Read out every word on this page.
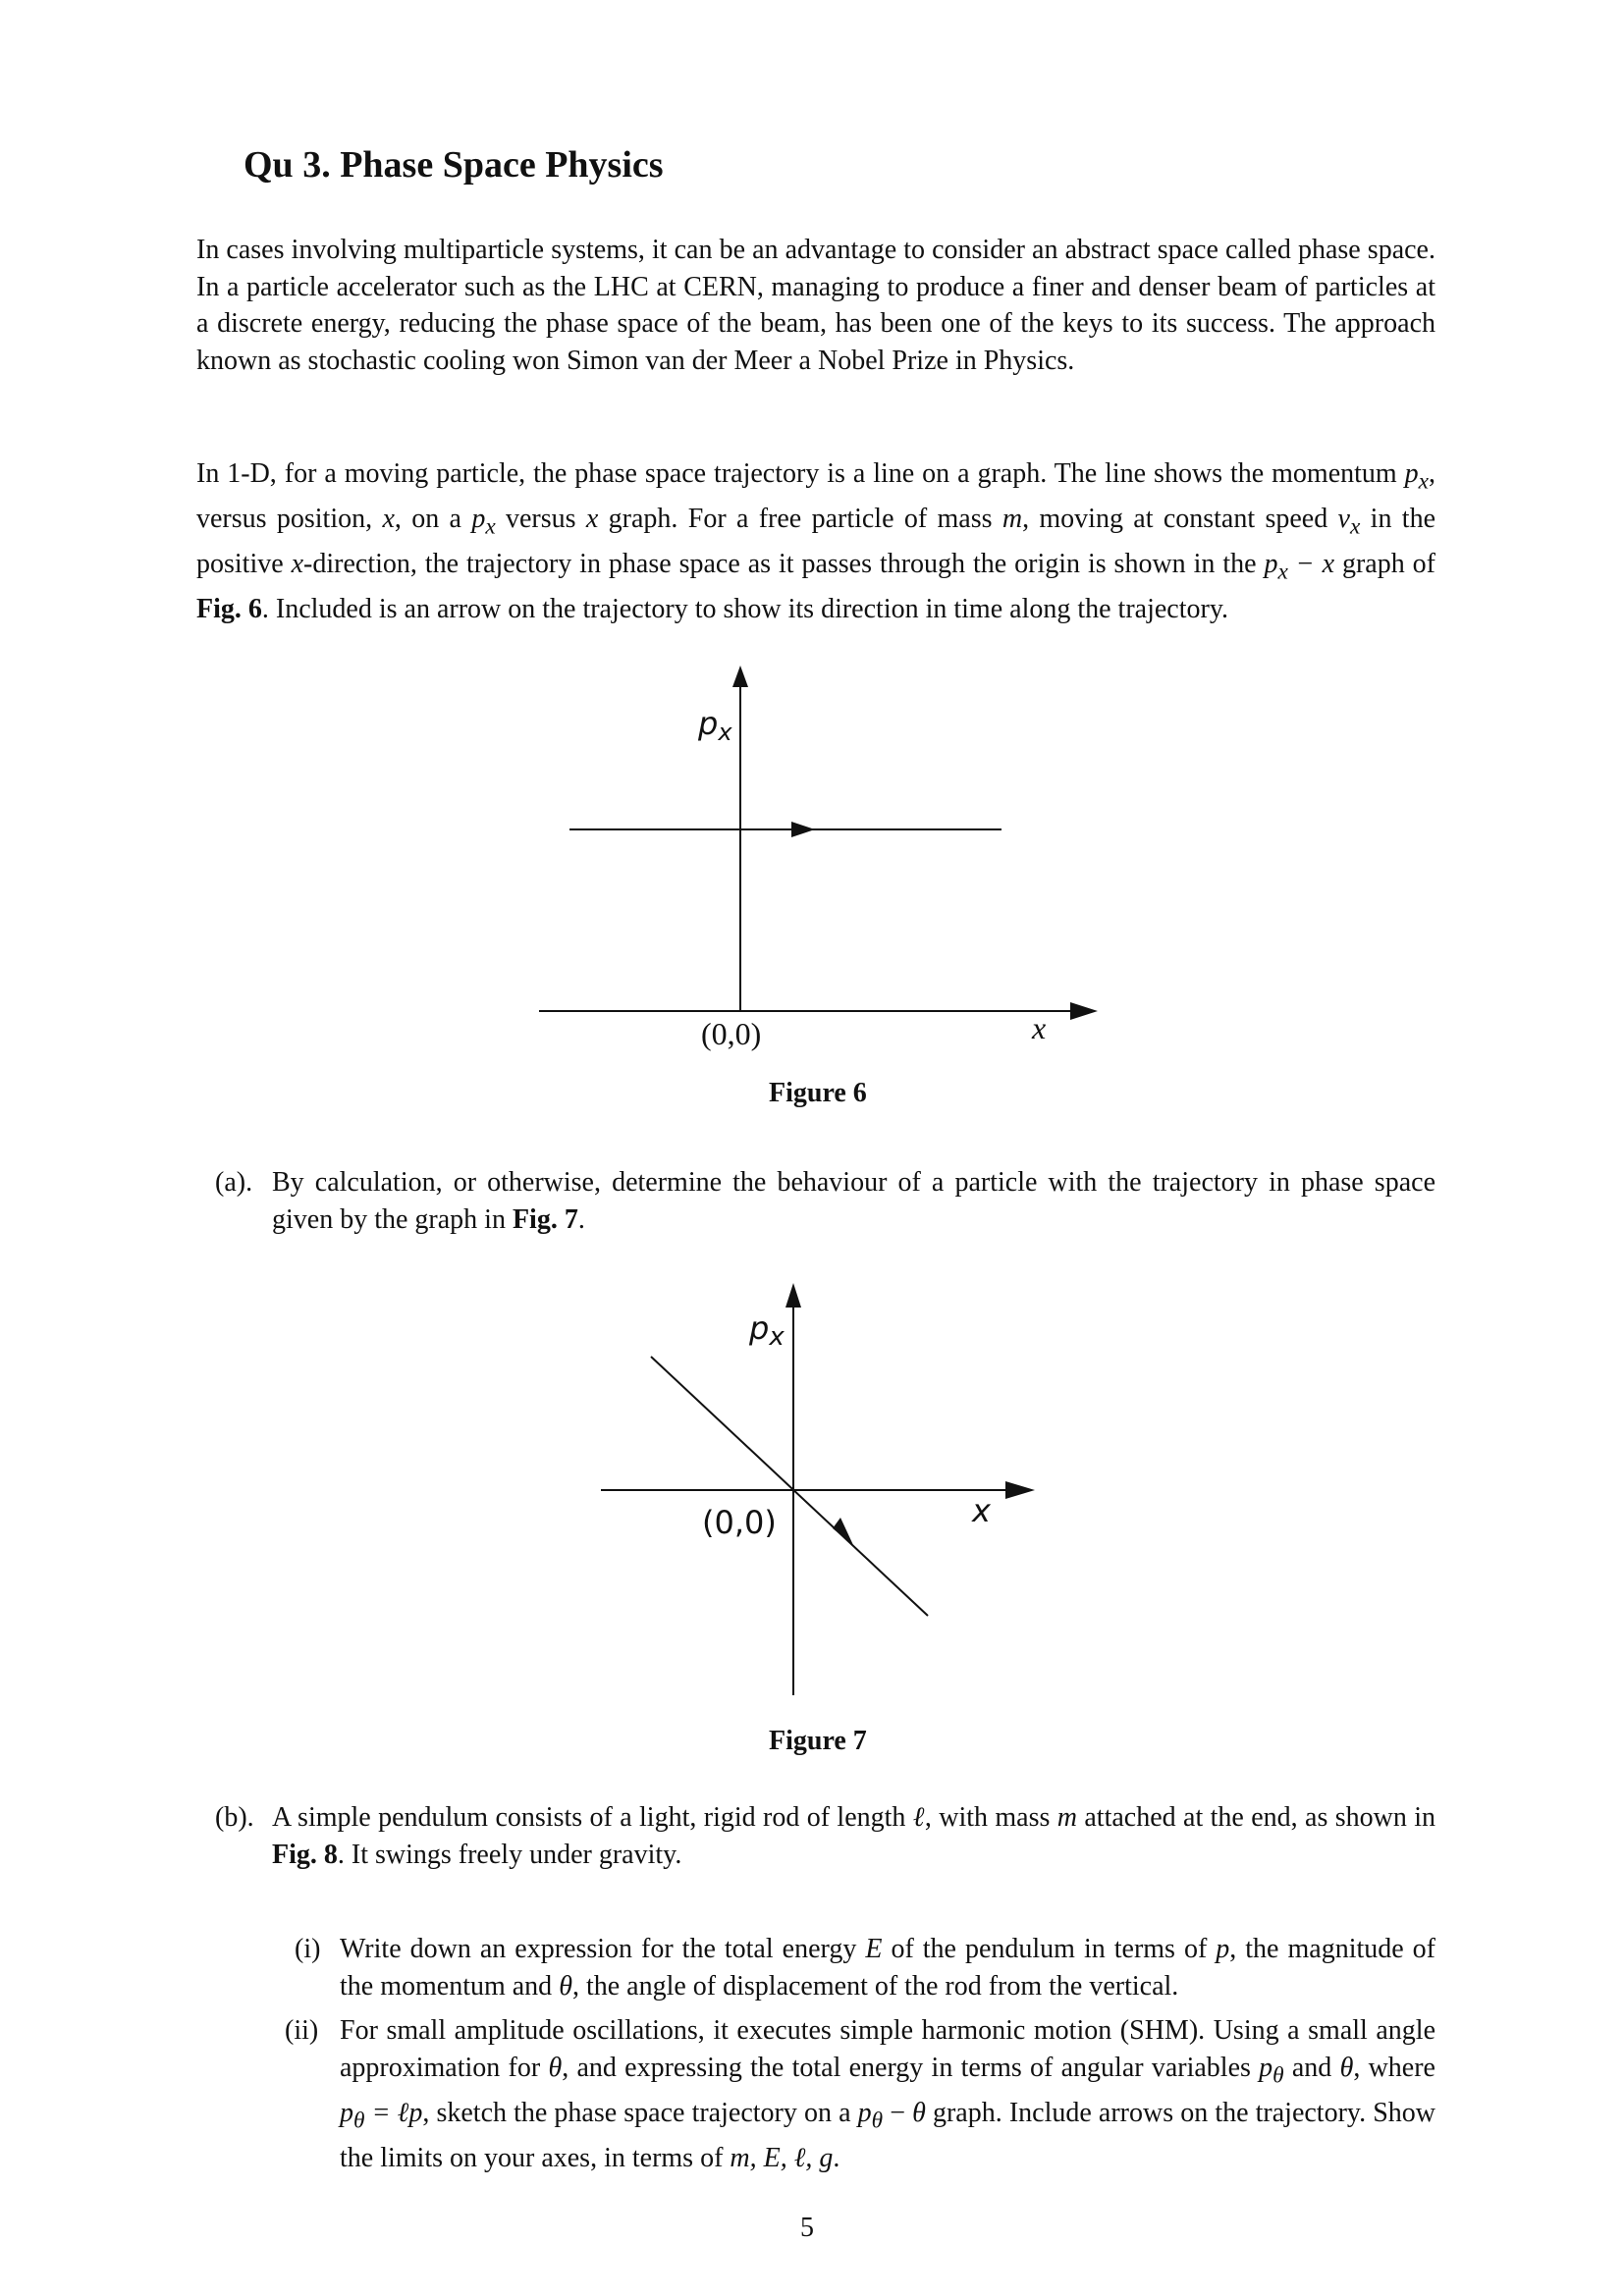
Qu 3. Phase Space Physics

In cases involving multiparticle systems, it can be an advantage to consider an abstract space called phase space. In a particle accelerator such as the LHC at CERN, managing to produce a finer and denser beam of particles at a discrete energy, reducing the phase space of the beam, has been one of the keys to its success. The approach known as stochastic cooling won Simon van der Meer a Nobel Prize in Physics.

In 1-D, for a moving particle, the phase space trajectory is a line on a graph. The line shows the momentum $p_x$, versus position, x, on a $p_x$ versus x graph. For a free particle of mass m, moving at constant speed $v_x$ in the positive x-direction, the trajectory in phase space as it passes through the origin is shown in the $p_x - x$ graph of Fig. 6. Included is an arrow on the trajectory to show its direction in time along the trajectory.

px
x
(0,0)
Figure 6
(a). By calculation, or otherwise, determine the behaviour of a particle with the trajectory in phase space given by the graph in Fig. 7.
px
x
(0,0)
Figure 7
(b). A simple pendulum consists of a light, rigid rod of length ℓ, with mass m attached at the end, as shown in Fig. 8. It swings freely under gravity.
(i) Write down an expression for the total energy E of the pendulum in terms of p, the magnitude of the momentum and θ, the angle of displacement of the rod from the vertical.
(ii) For small amplitude oscillations, it executes simple harmonic motion (SHM). Using a small angle approximation for θ, and expressing the total energy in terms of angular variables $p_\theta$ and θ, where $p_\theta$ = ℓp, sketch the phase space trajectory on a $p_\theta - \theta$ graph. Include arrows on the trajectory. Show the limits on your axes, in terms of m, E, ℓ, g.
5
